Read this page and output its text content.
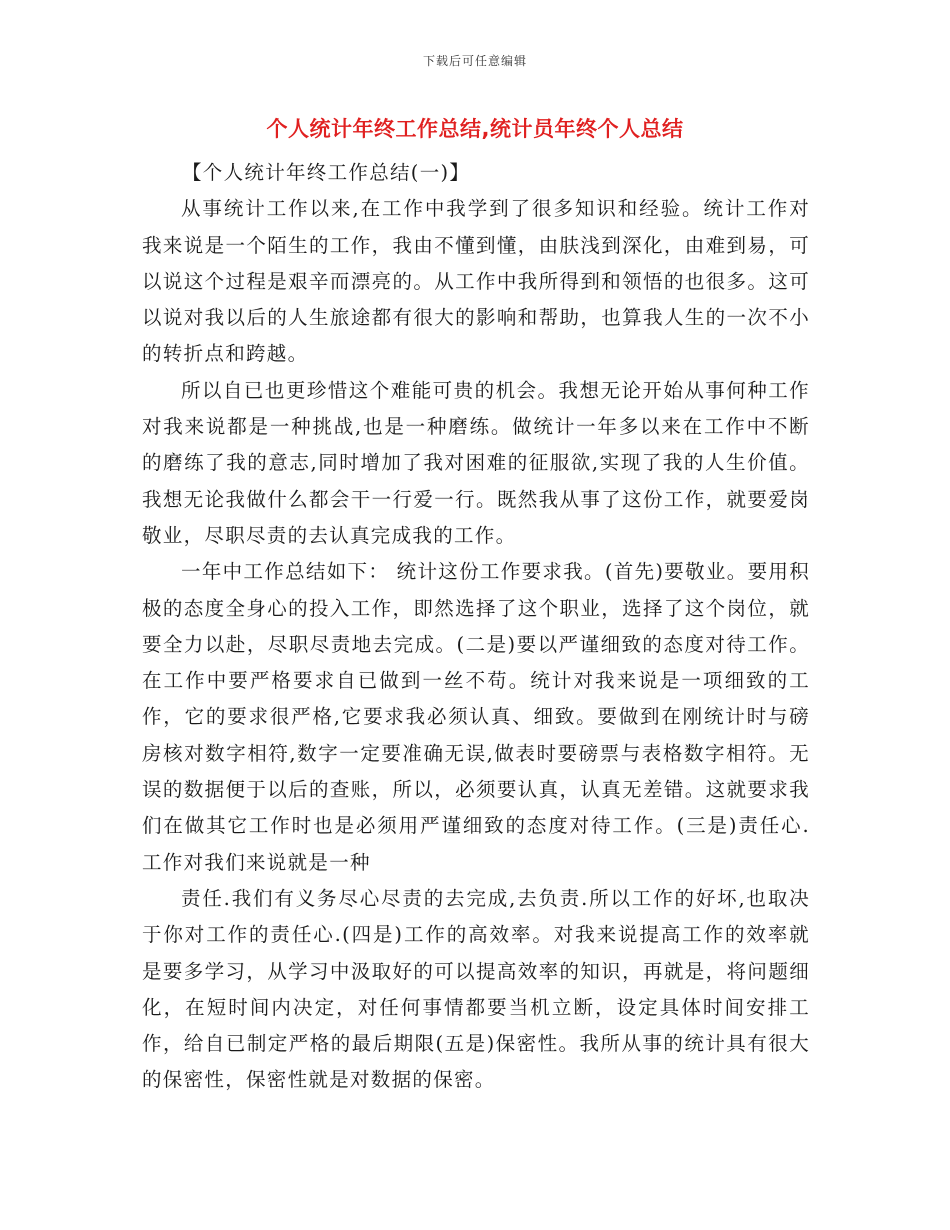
下载后可任意编辑
个人统计年终工作总结,统计员年终个人总结

【个人统计年终工作总结(一)】

从事统计工作以来,在工作中我学到了很多知识和经验。统计工作对我来说是一个陌生的工作，我由不懂到懂，由肤浅到深化，由难到易，可以说这个过程是艰辛而漂亮的。从工作中我所得到和领悟的也很多。这可以说对我以后的人生旅途都有很大的影响和帮助，也算我人生的一次不小的转折点和跨越。

所以自已也更珍惜这个难能可贵的机会。我想无论开始从事何种工作对我来说都是一种挑战,也是一种磨练。做统计一年多以来在工作中不断的磨练了我的意志,同时增加了我对困难的征服欲,实现了我的人生价值。我想无论我做什么都会干一行爱一行。既然我从事了这份工作，就要爱岗敬业，尽职尽责的去认真完成我的工作。

一年中工作总结如下： 统计这份工作要求我。(首先)要敬业。要用积极的态度全身心的投入工作，即然选择了这个职业，选择了这个岗位，就要全力以赴，尽职尽责地去完成。(二是)要以严谨细致的态度对待工作。在工作中要严格要求自已做到一丝不苟。统计对我来说是一项细致的工作，它的要求很严格,它要求我必须认真、细致。要做到在刚统计时与磅房核对数字相符,数字一定要准确无误,做表时要磅票与表格数字相符。无误的数据便于以后的查账，所以，必须要认真，认真无差错。这就要求我们在做其它工作时也是必须用严谨细致的态度对待工作。(三是)责任心.工作对我们来说就是一种

责任.我们有义务尽心尽责的去完成,去负责.所以工作的好坏,也取决于你对工作的责任心.(四是)工作的高效率。对我来说提高工作的效率就是要多学习，从学习中汲取好的可以提高效率的知识，再就是，将问题细化，在短时间内决定，对任何事情都要当机立断，设定具体时间安排工作，给自已制定严格的最后期限(五是)保密性。我所从事的统计具有很大的保密性，保密性就是对数据的保密。
